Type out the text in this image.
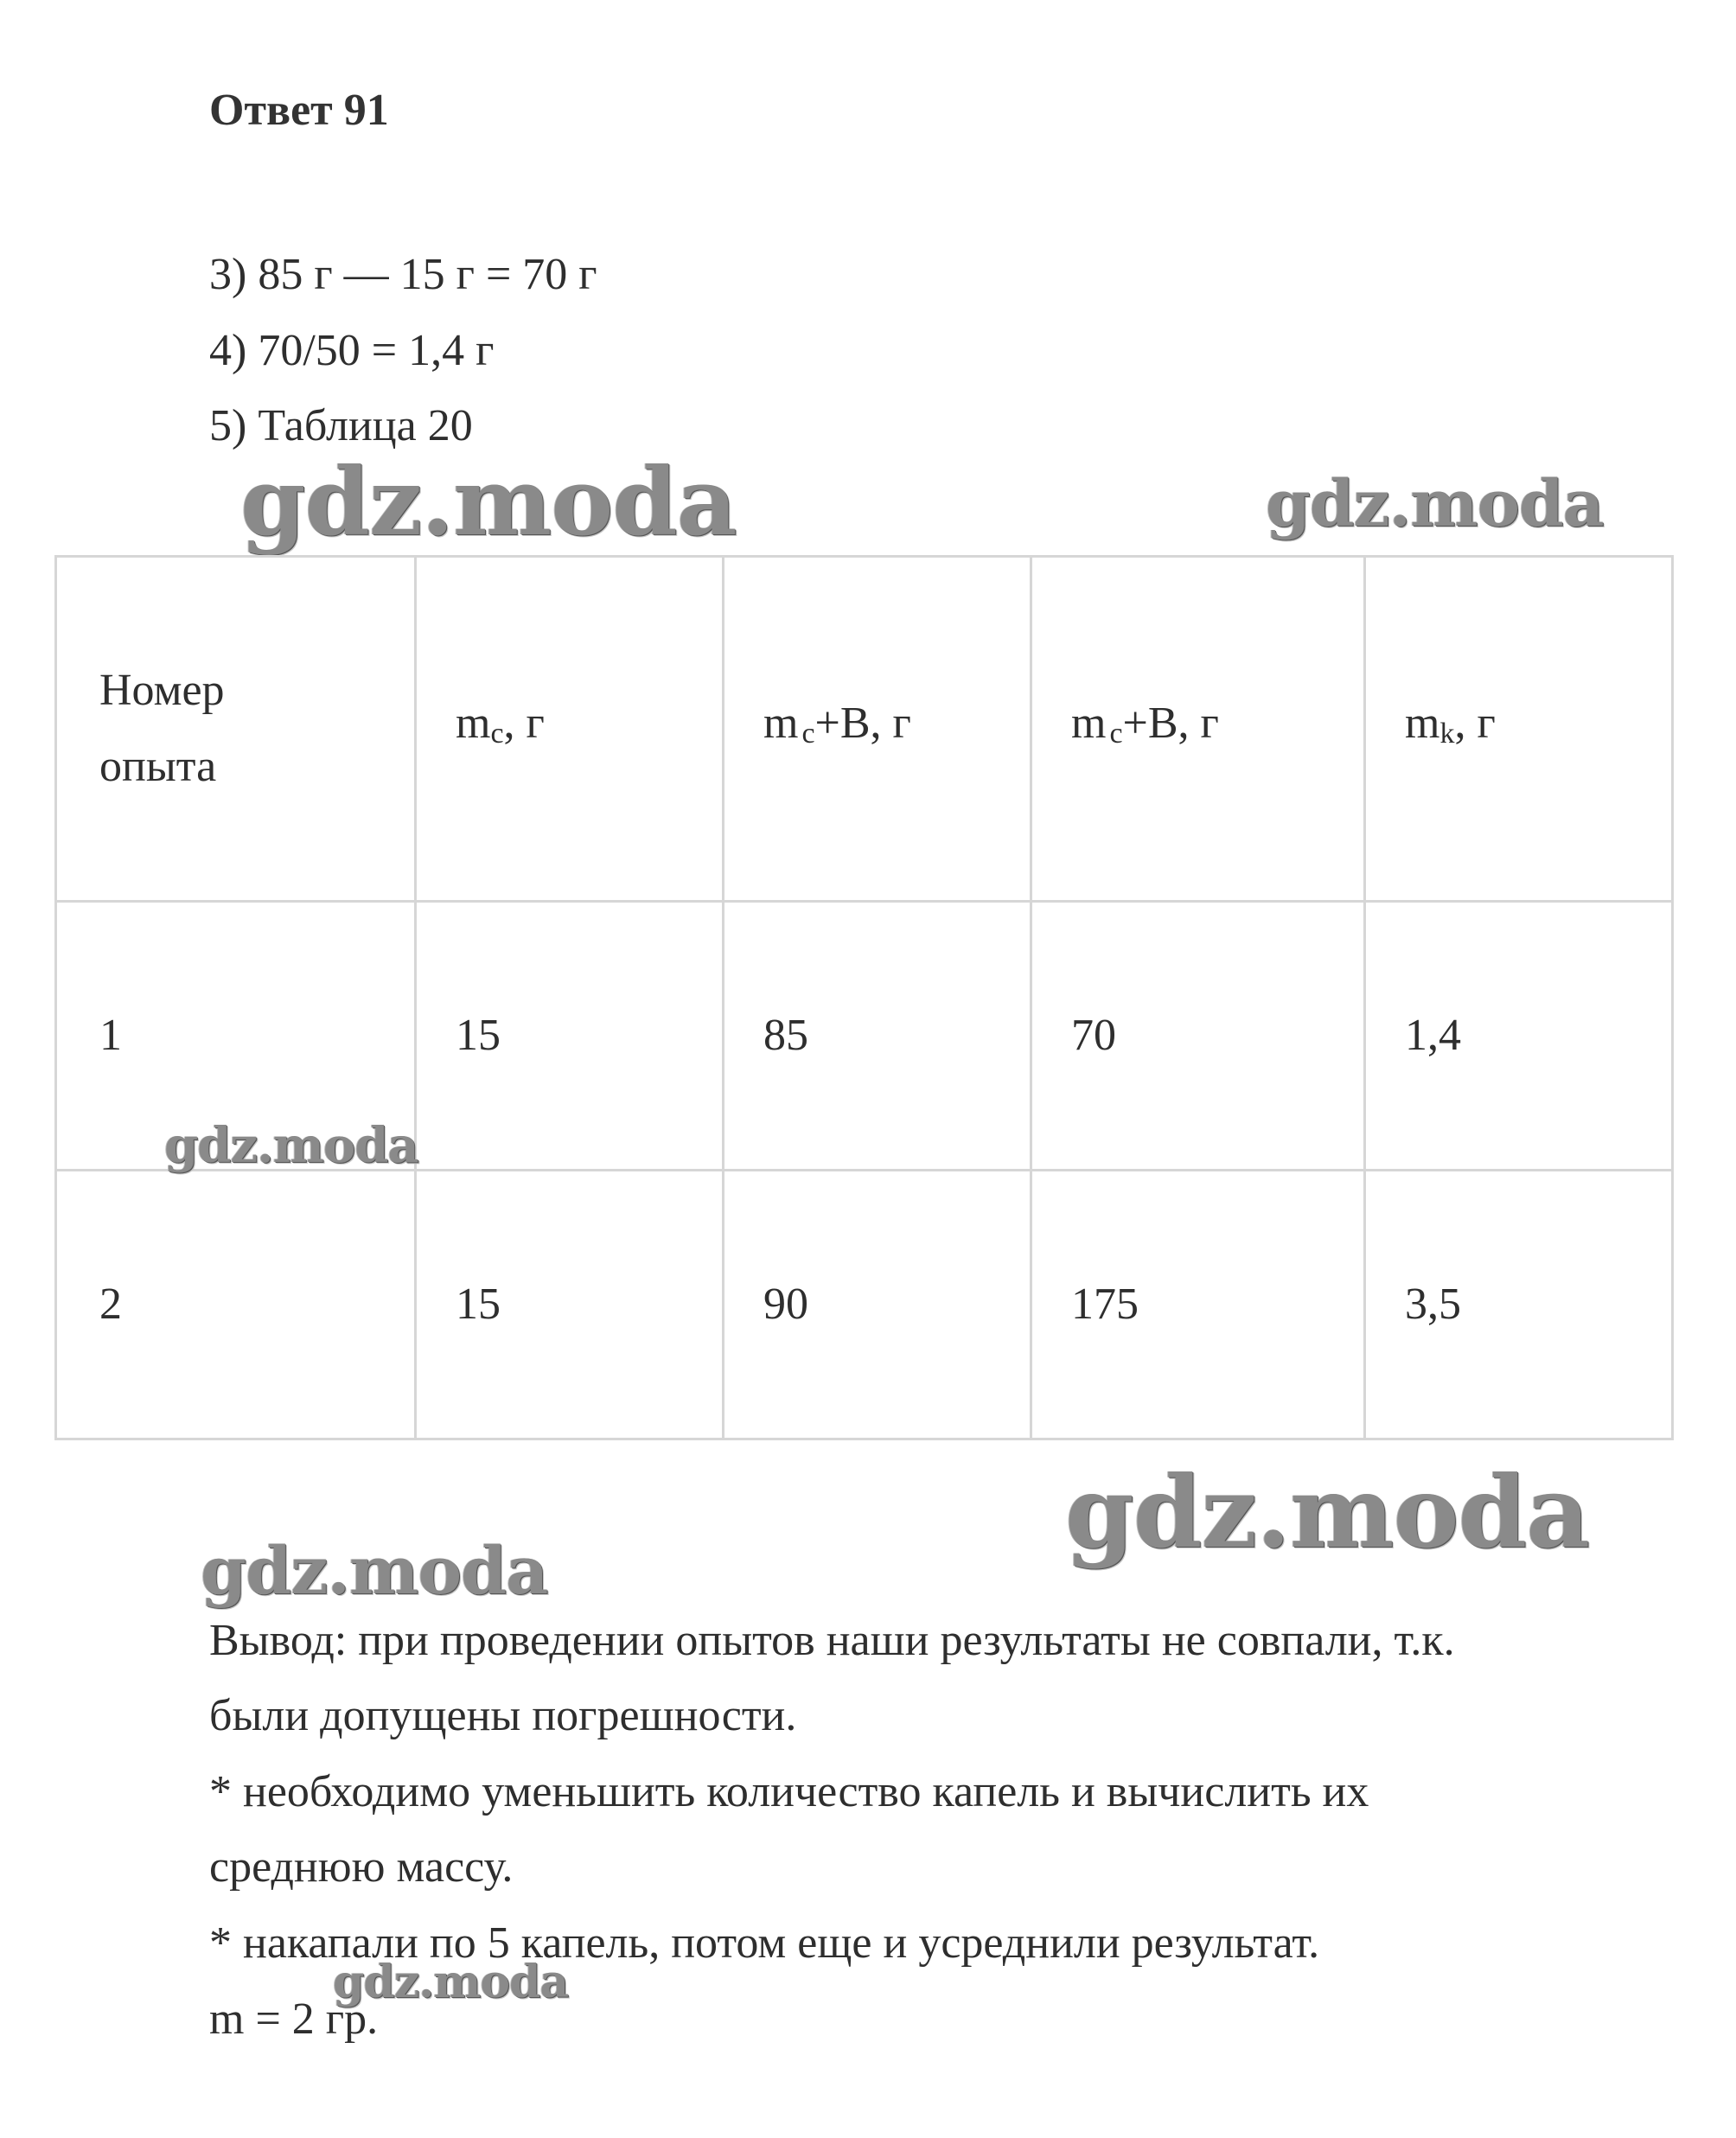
Ответ 91
3) 85 г — 15 г = 70 г
4) 70/50 = 1,4 г
5) Таблица 20
gdz.moda	gdz.moda
Номер
опыта	mc, г	m c+В, г	m c+В, г	mk, г
1	15	85	70	1,4
2	15	90	175	3,5
gdz.moda
gdz.moda
gdz.moda
Вывод: при проведении опытов наши результаты не совпали, т.к.
были допущены погрешности.
* необходимо уменьшить количество капель и вычислить их
среднюю массу.
* накапали по 5 капель, потом еще и усреднили результат.
m = 2 гр.
gdz.moda
